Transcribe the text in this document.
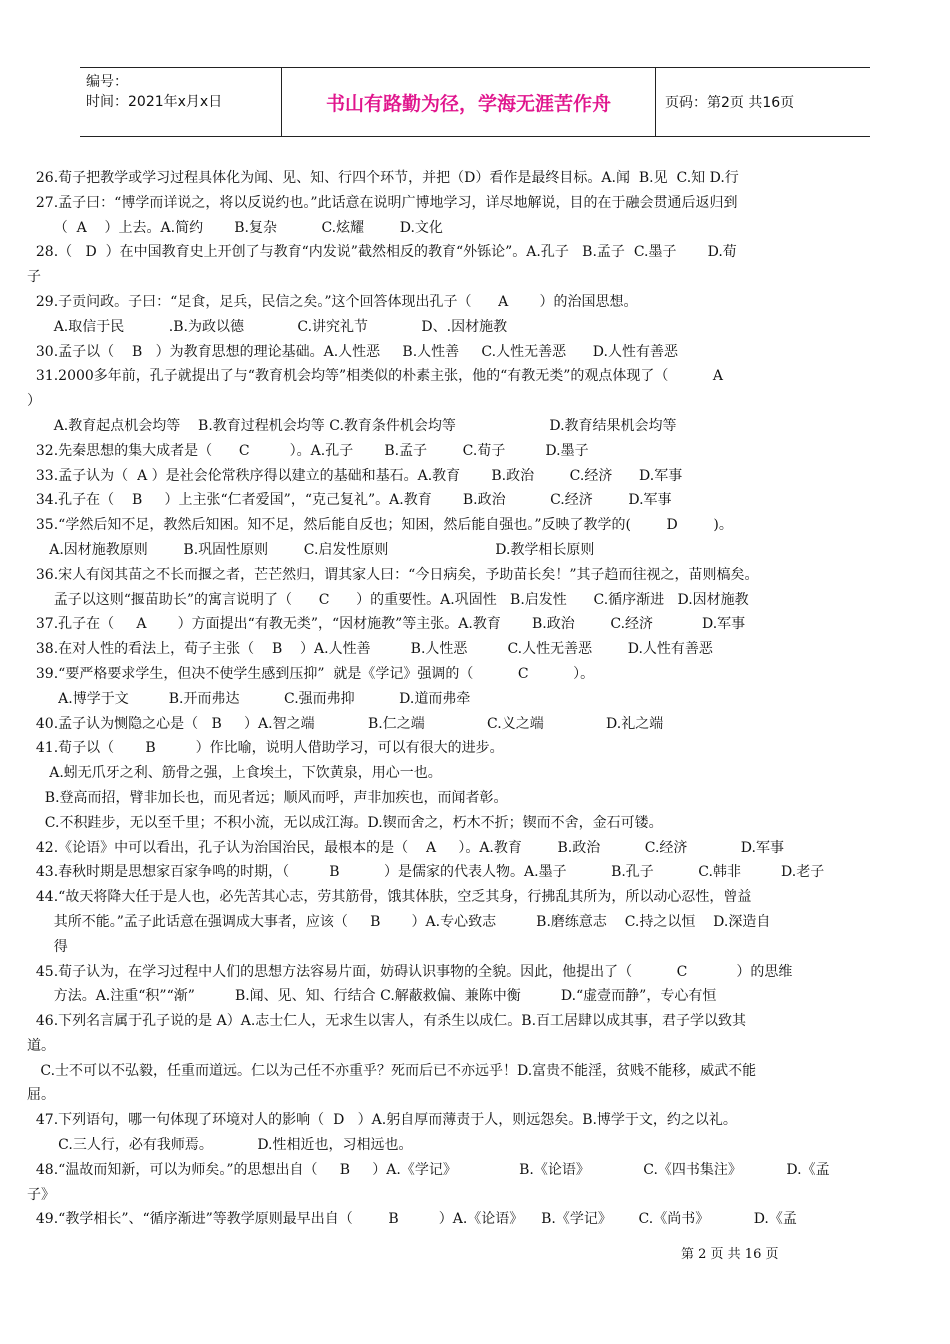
编号：
时间：2021年x月x日	书山有路勤为径，学海无涯苦作舟	页码：第2页 共16页
26.荀子把教学或学习过程具体化为闻、见、知、行四个环节，并把（D）看作是最终目标。A.闻  B.见  C.知 D.行
27.孟子曰：“博学而详说之，将以反说约也。”此话意在说明广博地学习，详尽地解说，目的在于融会贯通后返归到
（  A    ）上去。A.简约       B.复杂          C.炫耀        D.文化
28.（   D  ）在中国教育史上开创了与教育“内发说”截然相反的教育“外铄论”。A.孔子   B.孟子  C.墨子       D.荀
子
29.子贡问政。子曰：“足食，足兵，民信之矣。”这个回答体现出孔子（      A       ）的治国思想。
A.取信于民          .B.为政以德            C.讲究礼节            D、.因材施教
30.孟子以（    B   ）为教育思想的理论基础。A.人性恶     B.人性善     C.人性无善恶      D.人性有善恶
31.2000多年前，孔子就提出了与“教育机会均等”相类似的朴素主张，他的“有教无类”的观点体现了（          A
）
A.教育起点机会均等    B.教育过程机会均等 C.教育条件机会均等                     D.教育结果机会均等
32.先秦思想的集大成者是（      C         ）。A.孔子       B.孟子        C.荀子         D.墨子
33.孟子认为（  A ）是社会伦常秩序得以建立的基础和基石。A.教育       B.政治        C.经济      D.军事
34.孔子在（    B     ）上主张“仁者爱国”，“克己复礼”。A.教育       B.政治          C.经济        D.军事
35.“学然后知不足，教然后知困。知不足，然后能自反也；知困，然后能自强也。”反映了教学的(        D        )。
A.因材施教原则        B.巩固性原则        C.启发性原则                        D.教学相长原则
36.宋人有闵其苗之不长而揠之者，芒芒然归，谓其家人曰：“今日病矣，予助苗长矣！”其子趋而往视之，苗则槁矣。
孟子以这则“揠苗助长”的寓言说明了（      C      ）的重要性。A.巩固性   B.启发性      C.循序渐进   D.因材施教
37.孔子在（     A       ）方面提出“有教无类”，“因材施教”等主张。A.教育       B.政治        C.经济           D.军事
38.在对人性的看法上，荀子主张（    B    ）A.人性善         B.人性恶         C.人性无善恶        D.人性有善恶
39.“要严格要求学生，但决不使学生感到压抑”  就是《学记》强调的（          C          ）。
A.博学于文         B.开而弗达          C.强而弗抑          D.道而弗牵
40.孟子认为恻隐之心是（   B     ）A.智之端            B.仁之端              C.义之端              D.礼之端
41.荀子以（       B         ）作比喻，说明人借助学习，可以有很大的进步。
A.蚓无爪牙之利、筋骨之强，上食埃土，下饮黄泉，用心一也。
B.登高而招，臂非加长也，而见者远；顺风而呼，声非加疾也，而闻者彰。
C.不积跬步，无以至千里；不积小流，无以成江海。D.锲而舍之，朽木不折；锲而不舍，金石可镂。
42.《论语》中可以看出，孔子认为治国治民，最根本的是（    A     ）。A.教育        B.政治          C.经济            D.军事
43.春秋时期是思想家百家争鸣的时期，（         B          ）是儒家的代表人物。A.墨子          B.孔子          C.韩非         D.老子
44.“故天将降大任于是人也，必先苦其心志，劳其筋骨，饿其体肤，空乏其身，行拂乱其所为，所以动心忍性，曾益
其所不能。”孟子此话意在强调成大事者，应该（     B       ）A.专心致志         B.磨练意志    C.持之以恒    D.深造自
得
45.荀子认为，在学习过程中人们的思想方法容易片面，妨碍认识事物的全貌。因此，他提出了（          C           ）的思维
方法。A.注重“积”“渐”         B.闻、见、知、行结合 C.解蔽救偏、兼陈中衡         D.“虚壹而静”，专心有恒
46.下列名言属于孔子说的是 A）A.志士仁人，无求生以害人，有杀生以成仁。B.百工居肆以成其事，君子学以致其
道。
C.士不可以不弘毅，任重而道远。仁以为己任不亦重乎？死而后已不亦远乎！D.富贵不能淫，贫贱不能移，威武不能
屈。
47.下列语句，哪一句体现了环境对人的影响（  D   ）A.躬自厚而薄责于人，则远怨矣。B.博学于文，约之以礼。
C.三人行，必有我师焉。          D.性相近也，习相远也。
48.“温故而知新，可以为师矣。”的思想出自（     B     ）A.《学记》              B.《论语》            C.《四书集注》          D.《孟
子》
49.“教学相长”、“循序渐进”等教学原则最早出自（        B         ）A.《论语》    B.《学记》      C.《尚书》          D.《孟
第 2 页 共 16 页
